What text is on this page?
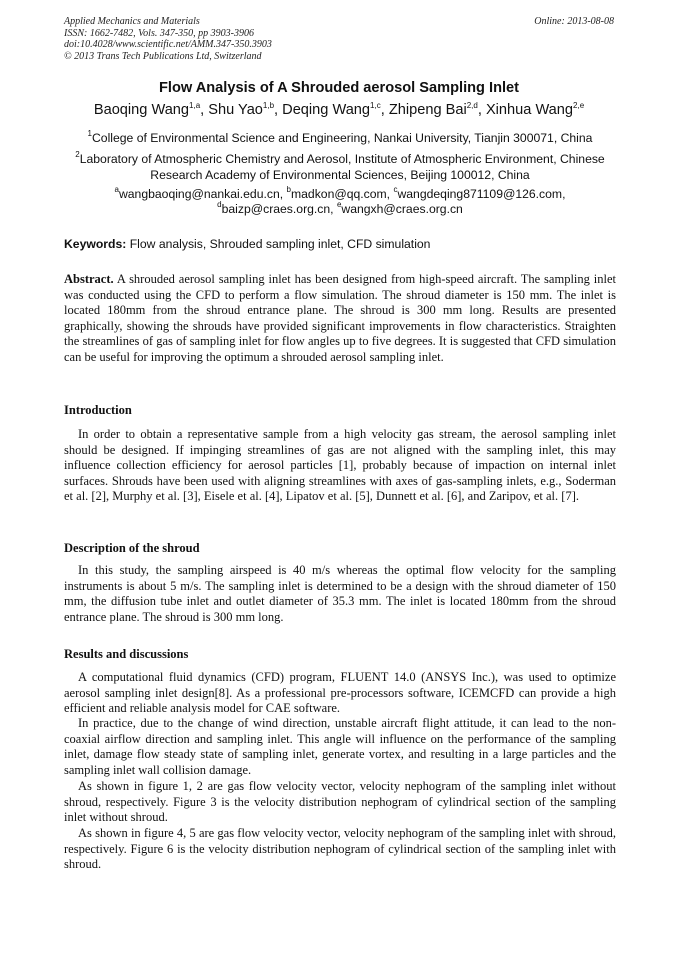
Applied Mechanics and Materials
ISSN: 1662-7482, Vols. 347-350, pp 3903-3906
doi:10.4028/www.scientific.net/AMM.347-350.3903
© 2013 Trans Tech Publications Ltd, Switzerland
Online: 2013-08-08
Flow Analysis of A Shrouded aerosol Sampling Inlet
Baoqing Wang$^{1,a}$, Shu Yao$^{1,b}$, Deqing Wang$^{1,c}$, Zhipeng Bai$^{2,d}$, Xinhua Wang$^{2,e}$
$^1$College of Environmental Science and Engineering, Nankai University, Tianjin 300071, China
$^2$Laboratory of Atmospheric Chemistry and Aerosol, Institute of Atmospheric Environment, Chinese Research Academy of Environmental Sciences, Beijing 100012, China
$^a$wangbaoqing@nankai.edu.cn, $^b$madkon@qq.com, $^c$wangdeqing871109@126.com,
$^d$baizp@craes.org.cn, $^e$wangxh@craes.org.cn
Keywords: Flow analysis, Shrouded sampling inlet, CFD simulation
Abstract. A shrouded aerosol sampling inlet has been designed from high-speed aircraft. The sampling inlet was conducted using the CFD to perform a flow simulation. The shroud diameter is 150 mm. The inlet is located 180mm from the shroud entrance plane. The shroud is 300 mm long. Results are presented graphically, showing the shrouds have provided significant improvements in flow characteristics. Straighten the streamlines of gas of sampling inlet for flow angles up to five degrees. It is suggested that CFD simulation can be useful for improving the optimum a shrouded aerosol sampling inlet.
Introduction
In order to obtain a representative sample from a high velocity gas stream, the aerosol sampling inlet should be designed. If impinging streamlines of gas are not aligned with the sampling inlet, this may influence collection efficiency for aerosol particles [1], probably because of impaction on internal inlet surfaces. Shrouds have been used with aligning streamlines with axes of gas-sampling inlets, e.g., Soderman et al. [2], Murphy et al. [3], Eisele et al. [4], Lipatov et al. [5], Dunnett et al. [6], and Zaripov, et al. [7].
Description of the shroud
In this study, the sampling airspeed is 40 m/s whereas the optimal flow velocity for the sampling instruments is about 5 m/s. The sampling inlet is determined to be a design with the shroud diameter of 150 mm, the diffusion tube inlet and outlet diameter of 35.3 mm. The inlet is located 180mm from the shroud entrance plane. The shroud is 300 mm long.
Results and discussions
A computational fluid dynamics (CFD) program, FLUENT 14.0 (ANSYS Inc.), was used to optimize aerosol sampling inlet design[8]. As a professional pre-processors software, ICEMCFD can provide a high efficient and reliable analysis model for CAE software.
In practice, due to the change of wind direction, unstable aircraft flight attitude, it can lead to the non-coaxial airflow direction and sampling inlet. This angle will influence on the performance of the sampling inlet, damage flow steady state of sampling inlet, generate vortex, and resulting in a large particles and the sampling inlet wall collision damage.
As shown in figure 1, 2 are gas flow velocity vector, velocity nephogram of the sampling inlet without shroud, respectively. Figure 3 is the velocity distribution nephogram of cylindrical section of the sampling inlet without shroud.
As shown in figure 4, 5 are gas flow velocity vector, velocity nephogram of the sampling inlet with shroud, respectively. Figure 6 is the velocity distribution nephogram of cylindrical section of the sampling inlet with shroud.
